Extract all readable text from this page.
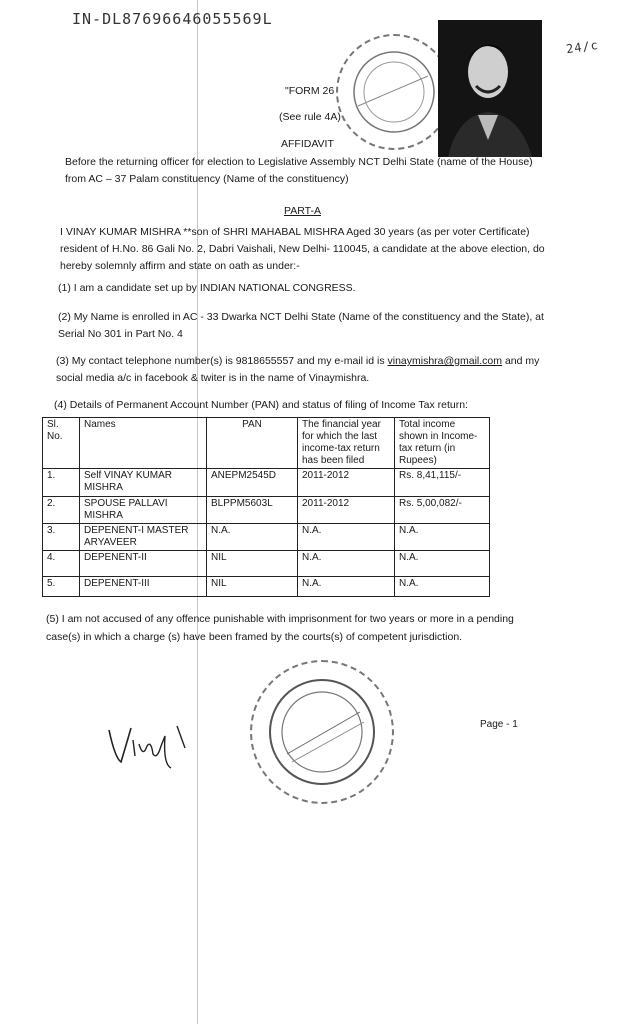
IN-DL87696646055569L
24/c
"FORM 26
(See rule 4A)
AFFIDAVIT
Before the returning officer for election to Legislative Assembly NCT Delhi State (name of the House)
from AC – 37 Palam constituency (Name of the constituency)
PART-A
I VINAY KUMAR MISHRA **son of SHRI MAHABAL MISHRA Aged 30 years (as per voter Certificate)
resident of H.No. 86 Gali No. 2, Dabri Vaishali, New Delhi- 110045, a candidate at the above election, do
hereby solemnly affirm and state on oath as under:-
(1) I am a candidate set up by INDIAN NATIONAL CONGRESS.
(2) My Name is enrolled in AC - 33 Dwarka NCT Delhi State (Name of the constituency and the State), at
Serial No 301 in Part No. 4
(3) My contact telephone number(s) is 9818655557 and my e-mail id is vinaymishra@gmail.com and my
social media a/c in facebook & twiter is in the name of Vinaymishra.
(4) Details of Permanent Account Number (PAN) and status of filing of Income Tax return:
Sl. No.	Names	PAN	The financial year for which the last income-tax return has been filed	Total income shown in Income-tax return (in Rupees)
1.	Self VINAY KUMAR MISHRA	ANEPM2545D	2011-2012	Rs. 8,41,115/-
2.	SPOUSE PALLAVI MISHRA	BLPPM5603L	2011-2012	Rs. 5,00,082/-
3.	DEPENENT-I MASTER ARYAVEER	N.A.	N.A.	N.A.
4.	DEPENENT-II	NIL	N.A.	N.A.
5.	DEPENENT-III	NIL	N.A.	N.A.
(5) I am not accused of any offence punishable with imprisonment for two years or more in a pending
case(s) in which a charge (s) have been framed by the courts(s) of competent jurisdiction.
Page - 1
